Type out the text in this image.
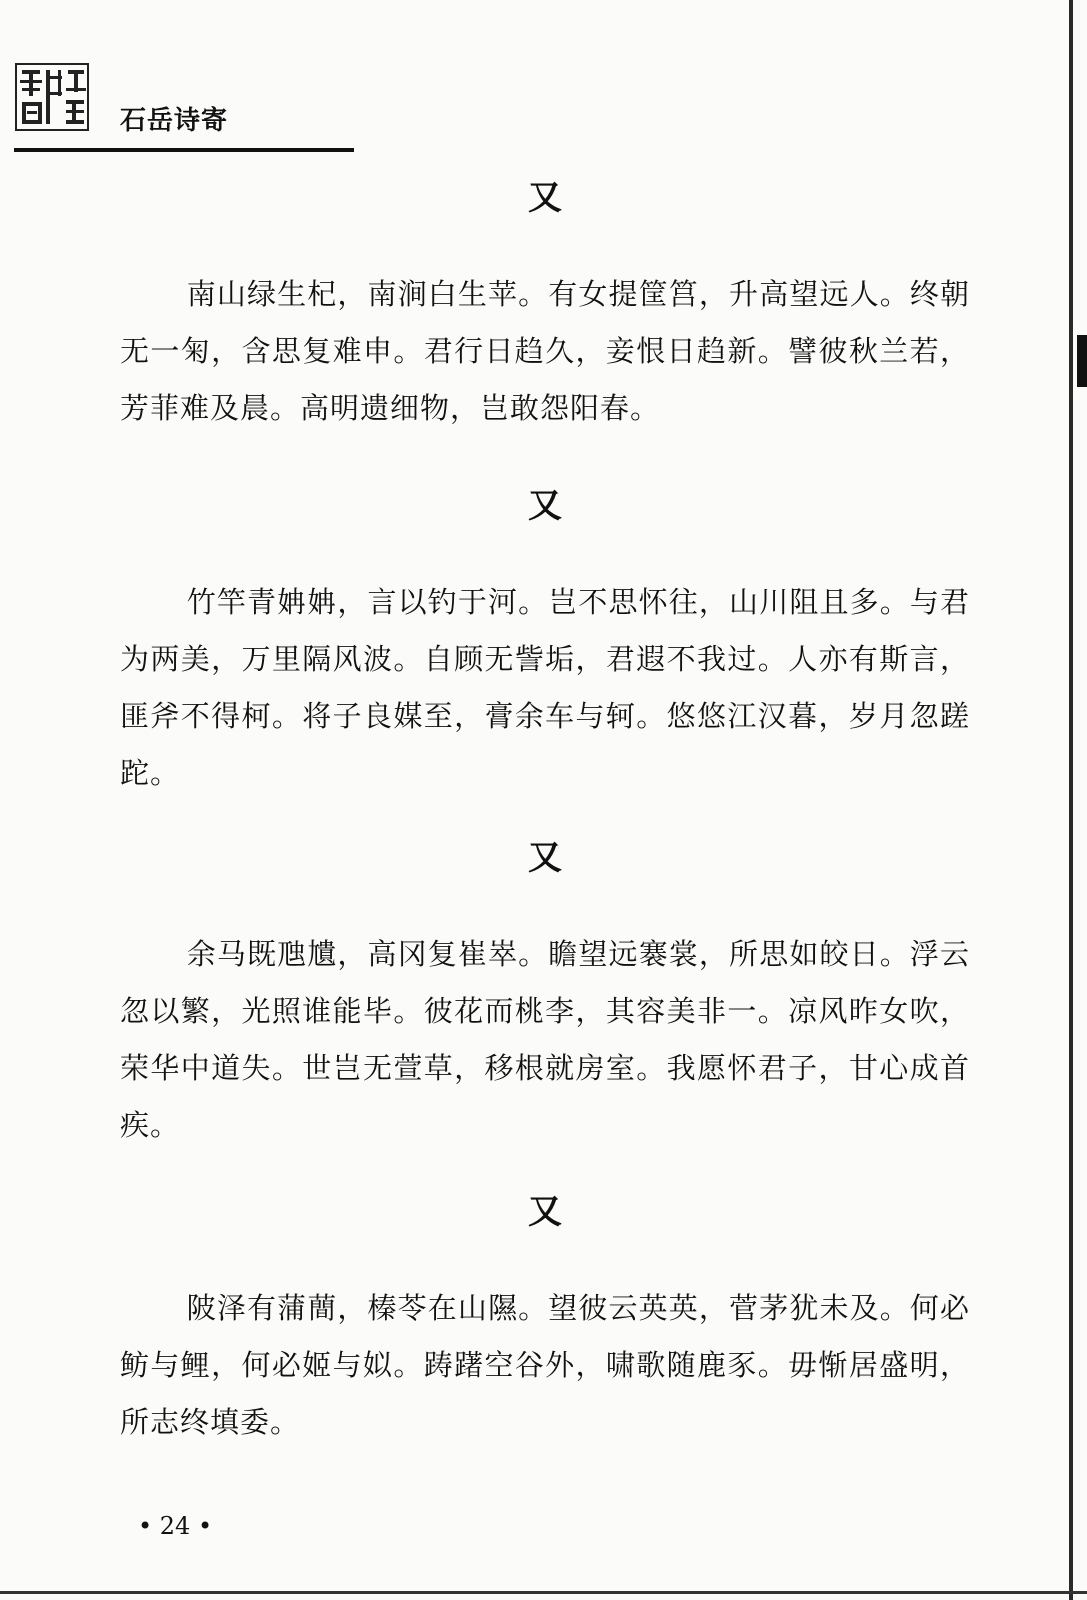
石岳诗寄
又

南山绿生杞，南涧白生苹。有女提筐筥，升高望远人。终朝无一匊，含思复难申。君行日趋久，妾恨日趋新。譬彼秋兰若，芳菲难及晨。高明遗细物，岂敢怨阳春。

又

竹竿青姌姌，言以钓于河。岂不思怀往，山川阻且多。与君为两美，万里隔风波。自顾无訾垢，君遐不我过。人亦有斯言，匪斧不得柯。将子良媒至，膏余车与轲。悠悠江汉暮，岁月忽蹉跎。

又

余马既虺尵，高冈复崔崒。瞻望远褰裳，所思如皎日。浮云忽以繁，光照谁能毕。彼花而桃李，其容美非一。凉风昨女吹，荣华中道失。世岂无萱草，移根就房室。我愿怀君子，甘心成首疾。

又

陂泽有蒲蕳，榛苓在山隰。望彼云英英，菅茅犹未及。何必鲂与鲤，何必姬与姒。踌躇空谷外，啸歌随鹿豕。毋惭居盛明，所志终填委。

• 24 •
